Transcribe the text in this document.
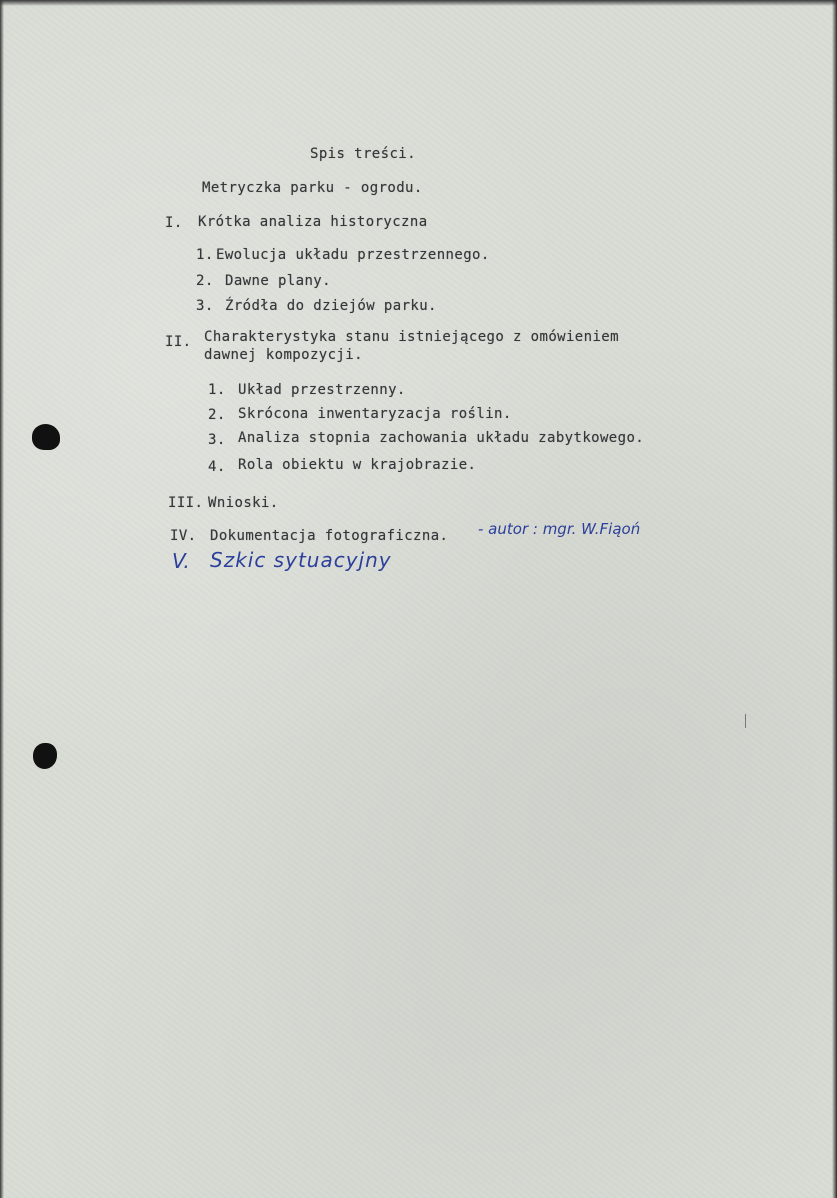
Spis treści.
Metryczka parku - ogrodu.
I. Krótka analiza historyczna
1. Ewolucja układu przestrzennego.
2. Dawne plany.
3. Źródła do dziejów parku.
II. Charakterystyka stanu istniejącego z omówieniem
dawnej kompozycji.
1. Układ przestrzenny.
2. Skrócona inwentaryzacja roślin.
3. Analiza stopnia zachowania układu zabytkowego.
4. Rola obiektu w krajobrazie.
III. Wnioski.
IV. Dokumentacja fotograficzna. - autor : mgr. W.Fiąoń
V. Szkic sytuacyjny
